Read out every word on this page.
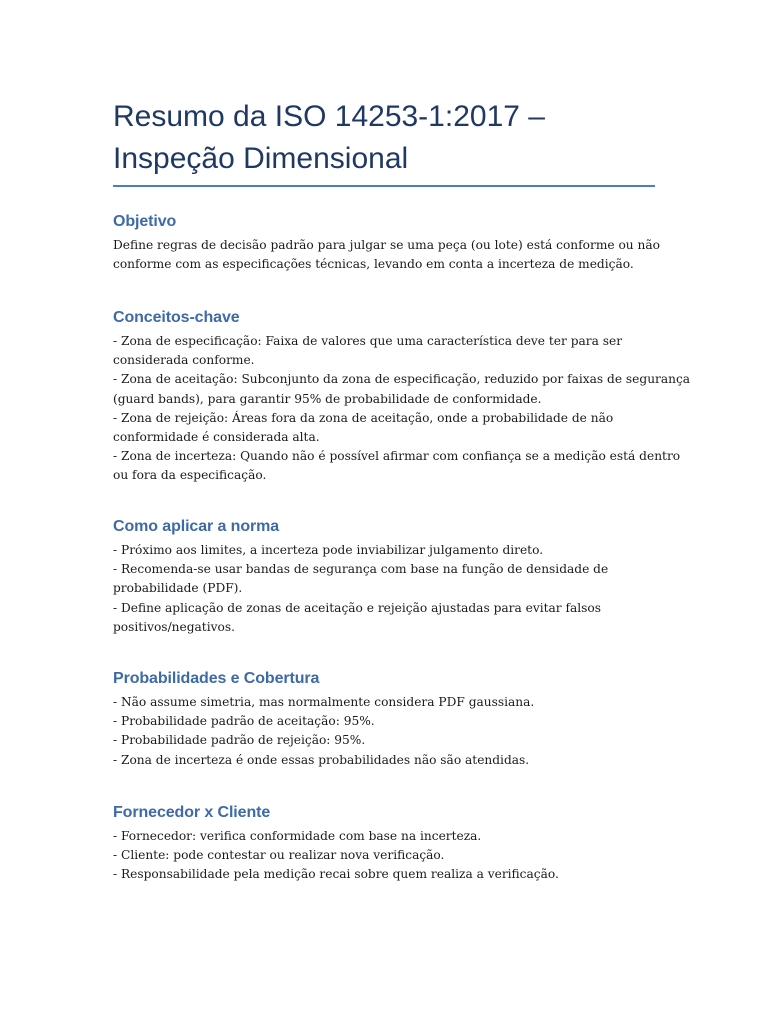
Resumo da ISO 14253-1:2017 –
Inspeção Dimensional
Objetivo

Define regras de decisão padrão para julgar se uma peça (ou lote) está conforme ou não
conforme com as especificações técnicas, levando em conta a incerteza de medição.

Conceitos-chave

- Zona de especificação: Faixa de valores que uma característica deve ter para ser
considerada conforme.
- Zona de aceitação: Subconjunto da zona de especificação, reduzido por faixas de segurança
(guard bands), para garantir 95% de probabilidade de conformidade.
- Zona de rejeição: Áreas fora da zona de aceitação, onde a probabilidade de não
conformidade é considerada alta.
- Zona de incerteza: Quando não é possível afirmar com confiança se a medição está dentro
ou fora da especificação.

Como aplicar a norma

- Próximo aos limites, a incerteza pode inviabilizar julgamento direto.
- Recomenda-se usar bandas de segurança com base na função de densidade de
probabilidade (PDF).
- Define aplicação de zonas de aceitação e rejeição ajustadas para evitar falsos
positivos/negativos.

Probabilidades e Cobertura

- Não assume simetria, mas normalmente considera PDF gaussiana.
- Probabilidade padrão de aceitação: 95%.
- Probabilidade padrão de rejeição: 95%.
- Zona de incerteza é onde essas probabilidades não são atendidas.

Fornecedor x Cliente

- Fornecedor: verifica conformidade com base na incerteza.
- Cliente: pode contestar ou realizar nova verificação.
- Responsabilidade pela medição recai sobre quem realiza a verificação.
